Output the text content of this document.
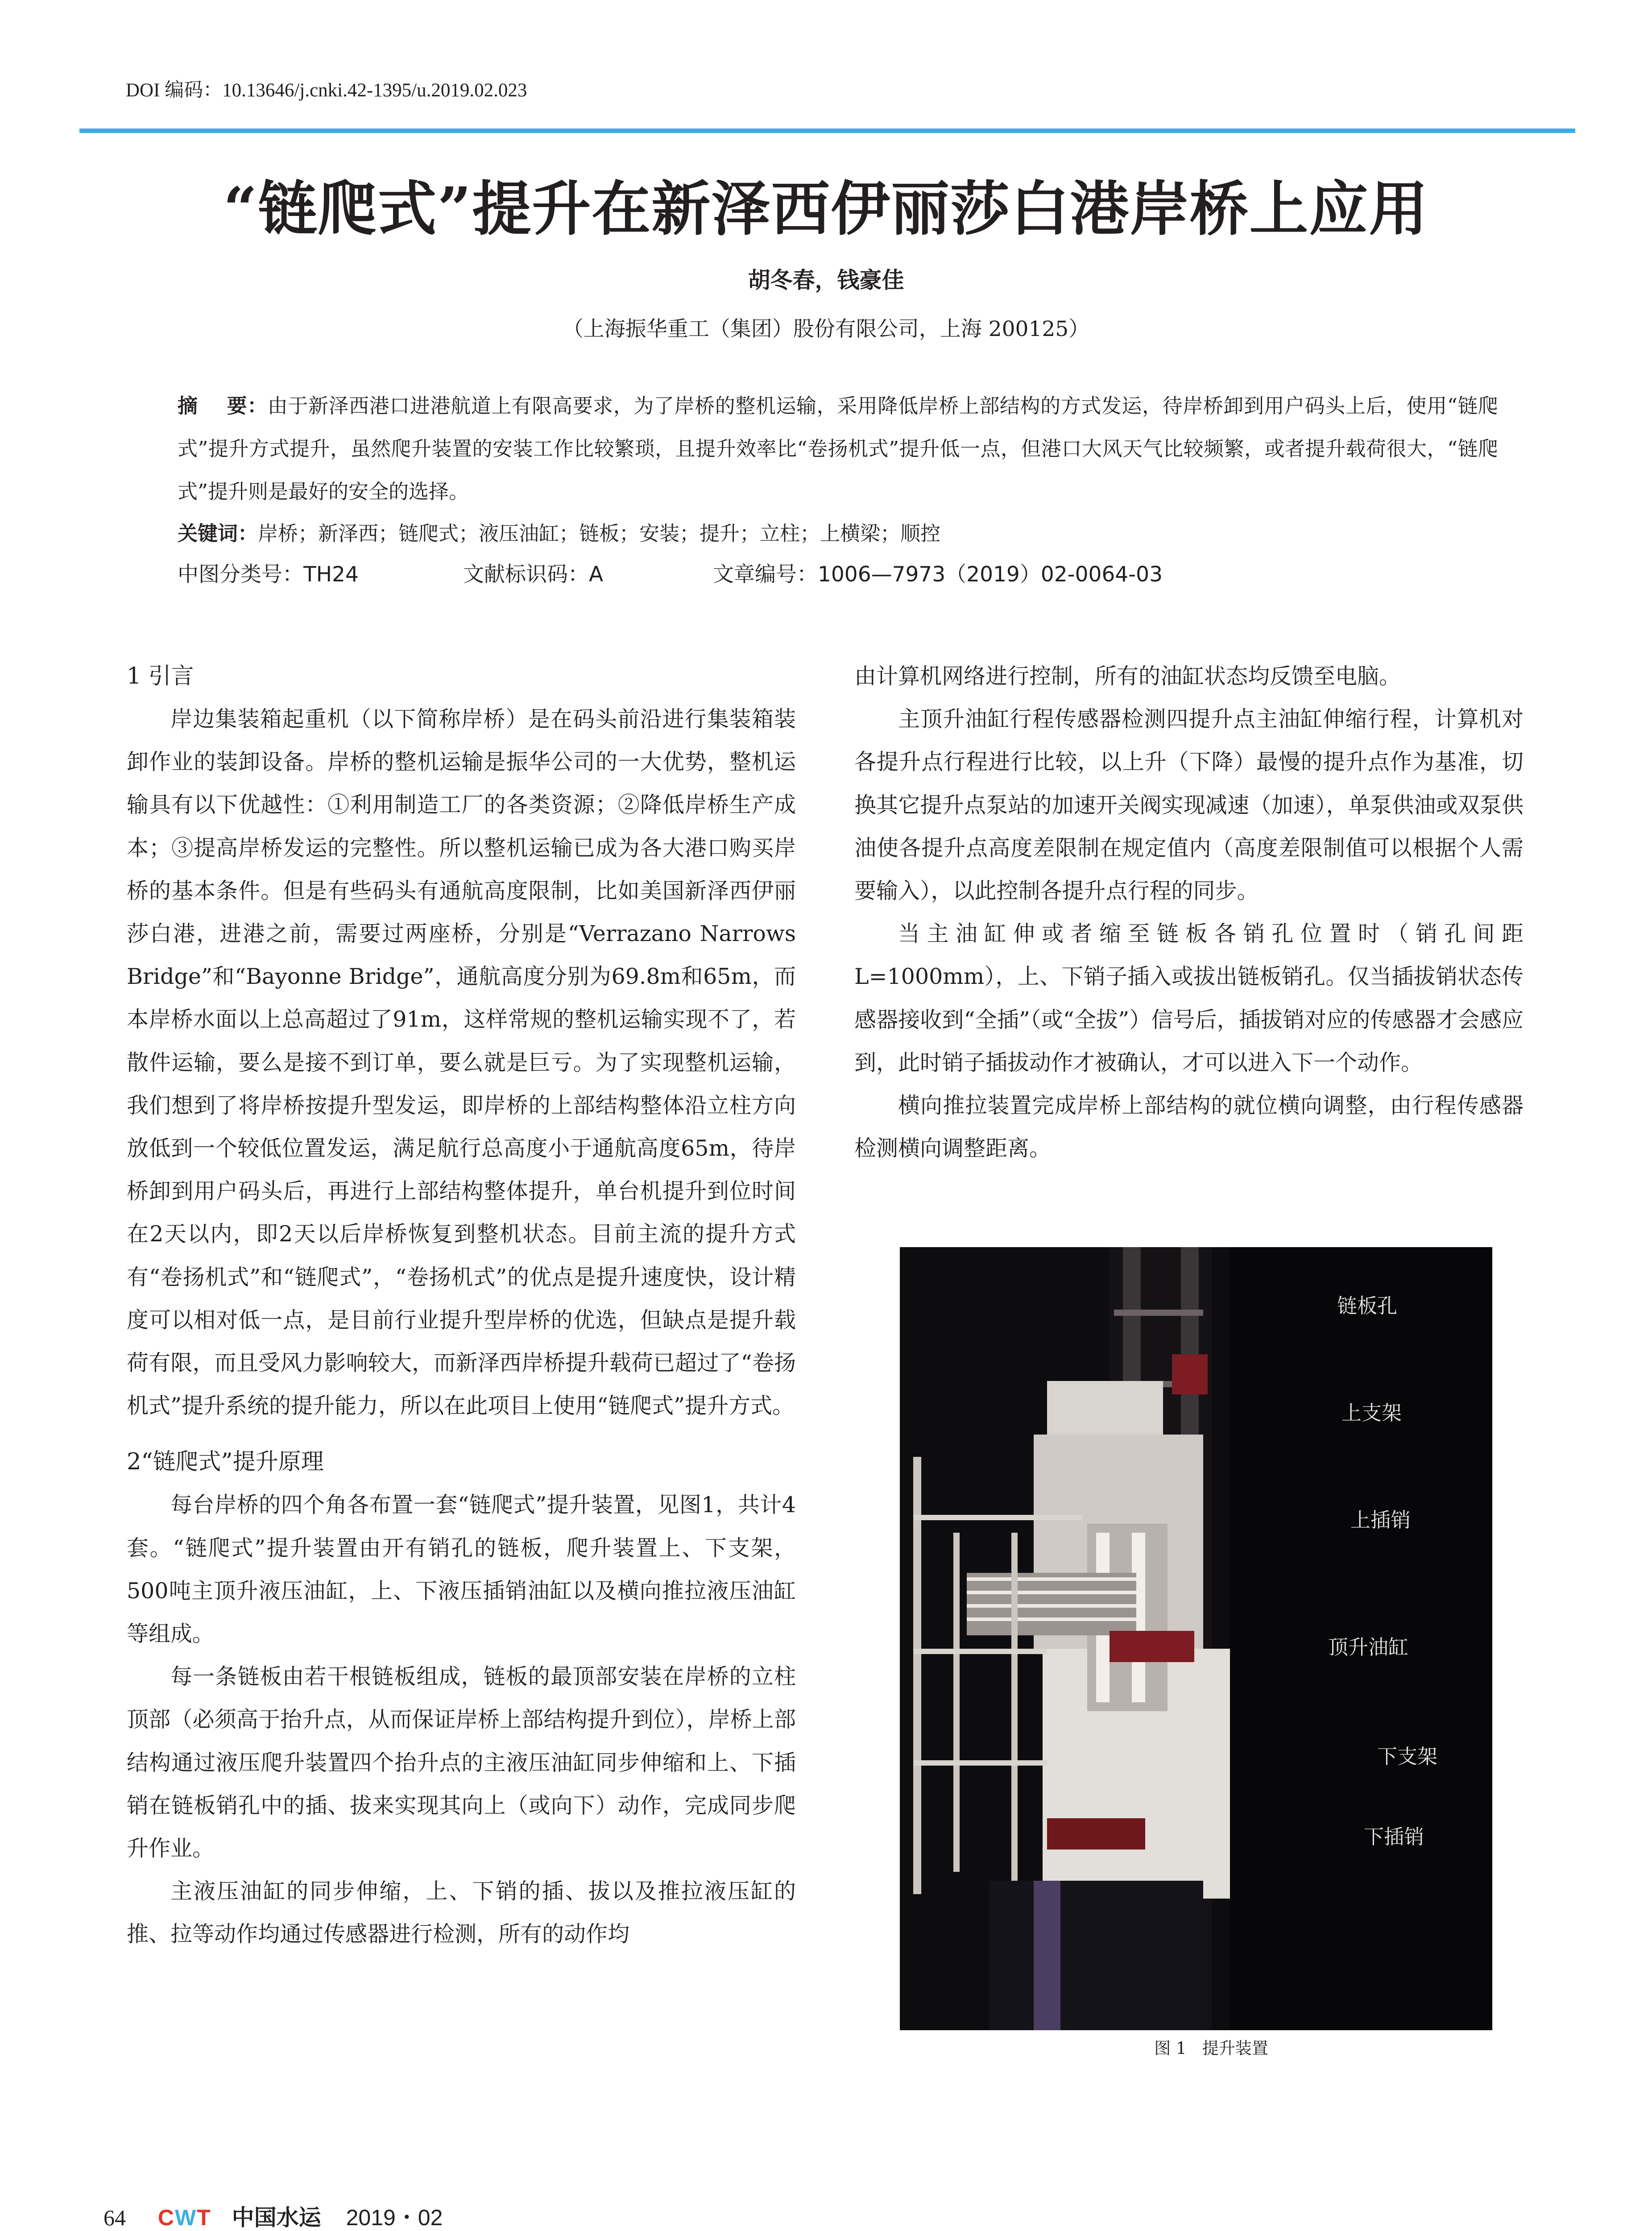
DOI 编码：10.13646/j.cnki.42-1395/u.2019.02.023
“链爬式”提升在新泽西伊丽莎白港岸桥上应用
胡冬春，钱豪佳
（上海振华重工（集团）股份有限公司，上海 200125）
摘    要：由于新泽西港口进港航道上有限高要求，为了岸桥的整机运输，采用降低岸桥上部结构的方式发运，待岸桥卸到用户码头上后，使用“链爬式”提升方式提升，虽然爬升装置的安装工作比较繁琐，且提升效率比“卷扬机式”提升低一点，但港口大风天气比较频繁，或者提升载荷很大，“链爬式”提升则是最好的安全的选择。
关键词：岸桥；新泽西；链爬式；液压油缸；链板；安装；提升；立柱；上横梁；顺控
中图分类号：TH24	文献标识码：A	文章编号：1006—7973（2019）02-0064-03
1 引言

岸边集装箱起重机（以下简称岸桥）是在码头前沿进行集装箱装卸作业的装卸设备。岸桥的整机运输是振华公司的一大优势，整机运输具有以下优越性：①利用制造工厂的各类资源；②降低岸桥生产成本；③提高岸桥发运的完整性。所以整机运输已成为各大港口购买岸桥的基本条件。但是有些码头有通航高度限制，比如美国新泽西伊丽莎白港，进港之前，需要过两座桥，分别是“Verrazano Narrows Bridge”和“Bayonne Bridge”，通航高度分别为69.8m和65m，而本岸桥水面以上总高超过了91m，这样常规的整机运输实现不了，若散件运输，要么是接不到订单，要么就是巨亏。为了实现整机运输，我们想到了将岸桥按提升型发运，即岸桥的上部结构整体沿立柱方向放低到一个较低位置发运，满足航行总高度小于通航高度65m，待岸桥卸到用户码头后，再进行上部结构整体提升，单台机提升到位时间在2天以内，即2天以后岸桥恢复到整机状态。目前主流的提升方式有“卷扬机式”和“链爬式”，“卷扬机式”的优点是提升速度快，设计精度可以相对低一点，是目前行业提升型岸桥的优选，但缺点是提升载荷有限，而且受风力影响较大，而新泽西岸桥提升载荷已超过了“卷扬机式”提升系统的提升能力，所以在此项目上使用“链爬式”提升方式。

2“链爬式”提升原理

每台岸桥的四个角各布置一套“链爬式”提升装置，见图1，共计4套。“链爬式”提升装置由开有销孔的链板，爬升装置上、下支架，500吨主顶升液压油缸，上、下液压插销油缸以及横向推拉液压油缸等组成。

每一条链板由若干根链板组成，链板的最顶部安装在岸桥的立柱顶部（必须高于抬升点，从而保证岸桥上部结构提升到位），岸桥上部结构通过液压爬升装置四个抬升点的主液压油缸同步伸缩和上、下插销在链板销孔中的插、拔来实现其向上（或向下）动作，完成同步爬升作业。

主液压油缸的同步伸缩，上、下销的插、拔以及推拉液压缸的推、拉等动作均通过传感器进行检测，所有的动作均

由计算机网络进行控制，所有的油缸状态均反馈至电脑。

主顶升油缸行程传感器检测四提升点主油缸伸缩行程，计算机对各提升点行程进行比较，以上升（下降）最慢的提升点作为基准，切换其它提升点泵站的加速开关阀实现减速（加速），单泵供油或双泵供油使各提升点高度差限制在规定值内（高度差限制值可以根据个人需要输入），以此控制各提升点行程的同步。

当主油缸伸或者缩至链板各销孔位置时（销孔间距L=1000mm），上、下销子插入或拔出链板销孔。仅当插拔销状态传感器接收到“全插”（或“全拔”）信号后，插拔销对应的传感器才会感应到，此时销子插拔动作才被确认，才可以进入下一个动作。

横向推拉装置完成岸桥上部结构的就位横向调整，由行程传感器检测横向调整距离。

链板孔
上支架
上插销
顶升油缸
下支架
下插销
图 1   提升装置
64 CWT 中国水运 2019・02
